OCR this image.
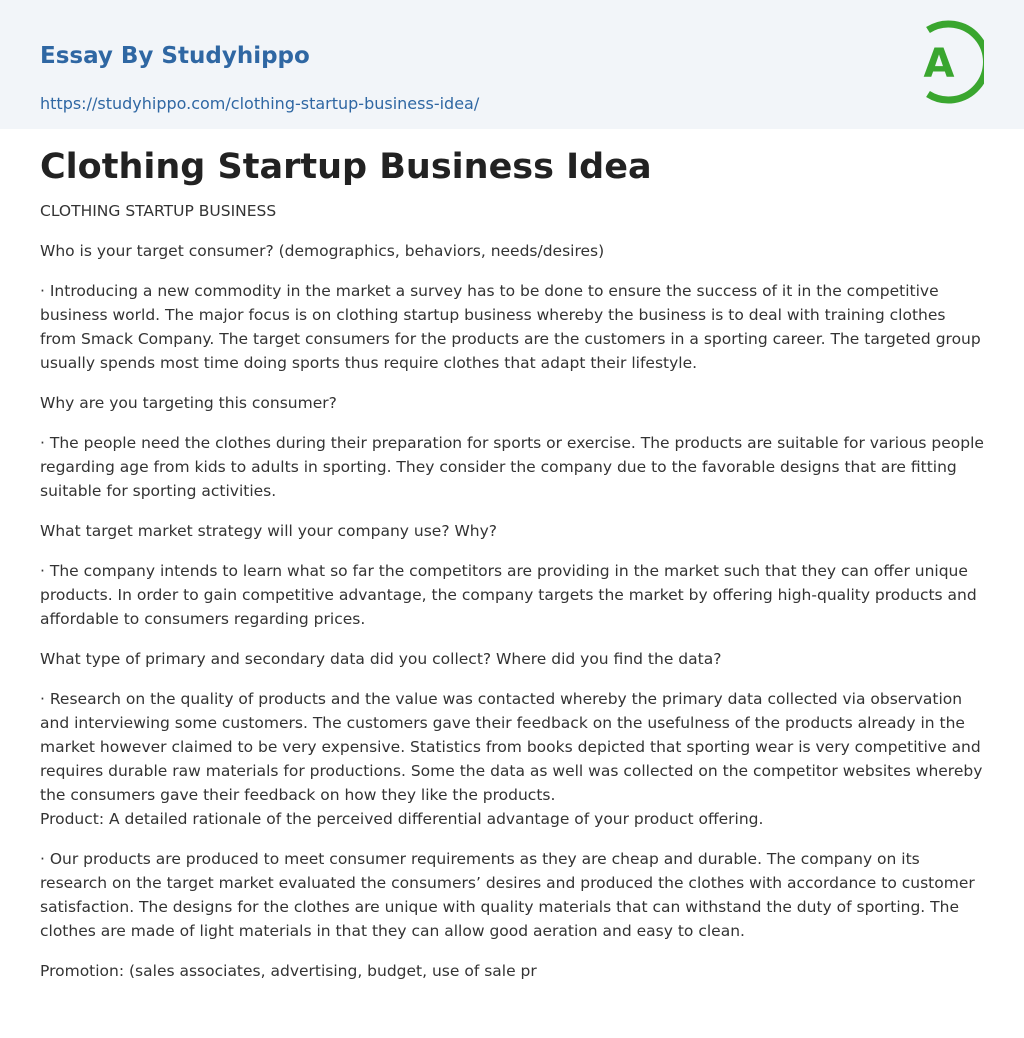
Essay By Studyhippo
https://studyhippo.com/clothing-startup-business-idea/
A
Clothing Startup Business Idea

CLOTHING STARTUP BUSINESS

Who is your target consumer? (demographics, behaviors, needs/desires)

· Introducing a new commodity in the market a survey has to be done to ensure the success of it in the competitive business world. The major focus is on clothing startup business whereby the business is to deal with training clothes from Smack Company. The target consumers for the products are the customers in a sporting career. The targeted group usually spends most time doing sports thus require clothes that adapt their lifestyle.

Why are you targeting this consumer?

· The people need the clothes during their preparation for sports or exercise. The products are suitable for various people regarding age from kids to adults in sporting. They consider the company due to the favorable designs that are fitting suitable for sporting activities.

What target market strategy will your company use? Why?

· The company intends to learn what so far the competitors are providing in the market such that they can offer unique products. In order to gain competitive advantage, the company targets the market by offering high-quality products and affordable to consumers regarding prices.

What type of primary and secondary data did you collect? Where did you find the data?

· Research on the quality of products and the value was contacted whereby the primary data collected via observation and interviewing some customers. The customers gave their feedback on the usefulness of the products already in the market however claimed to be very expensive. Statistics from books depicted that sporting wear is very competitive and requires durable raw materials for productions. Some the data as well was collected on the competitor websites whereby the consumers gave their feedback on how they like the products.
Product: A detailed rationale of the perceived differential advantage of your product offering.

· Our products are produced to meet consumer requirements as they are cheap and durable. The company on its research on the target market evaluated the consumers’ desires and produced the clothes with accordance to customer satisfaction. The designs for the clothes are unique with quality materials that can withstand the duty of sporting. The clothes are made of light materials in that they can allow good aeration and easy to clean.

Promotion: (sales associates, advertising, budget, use of sale pr
